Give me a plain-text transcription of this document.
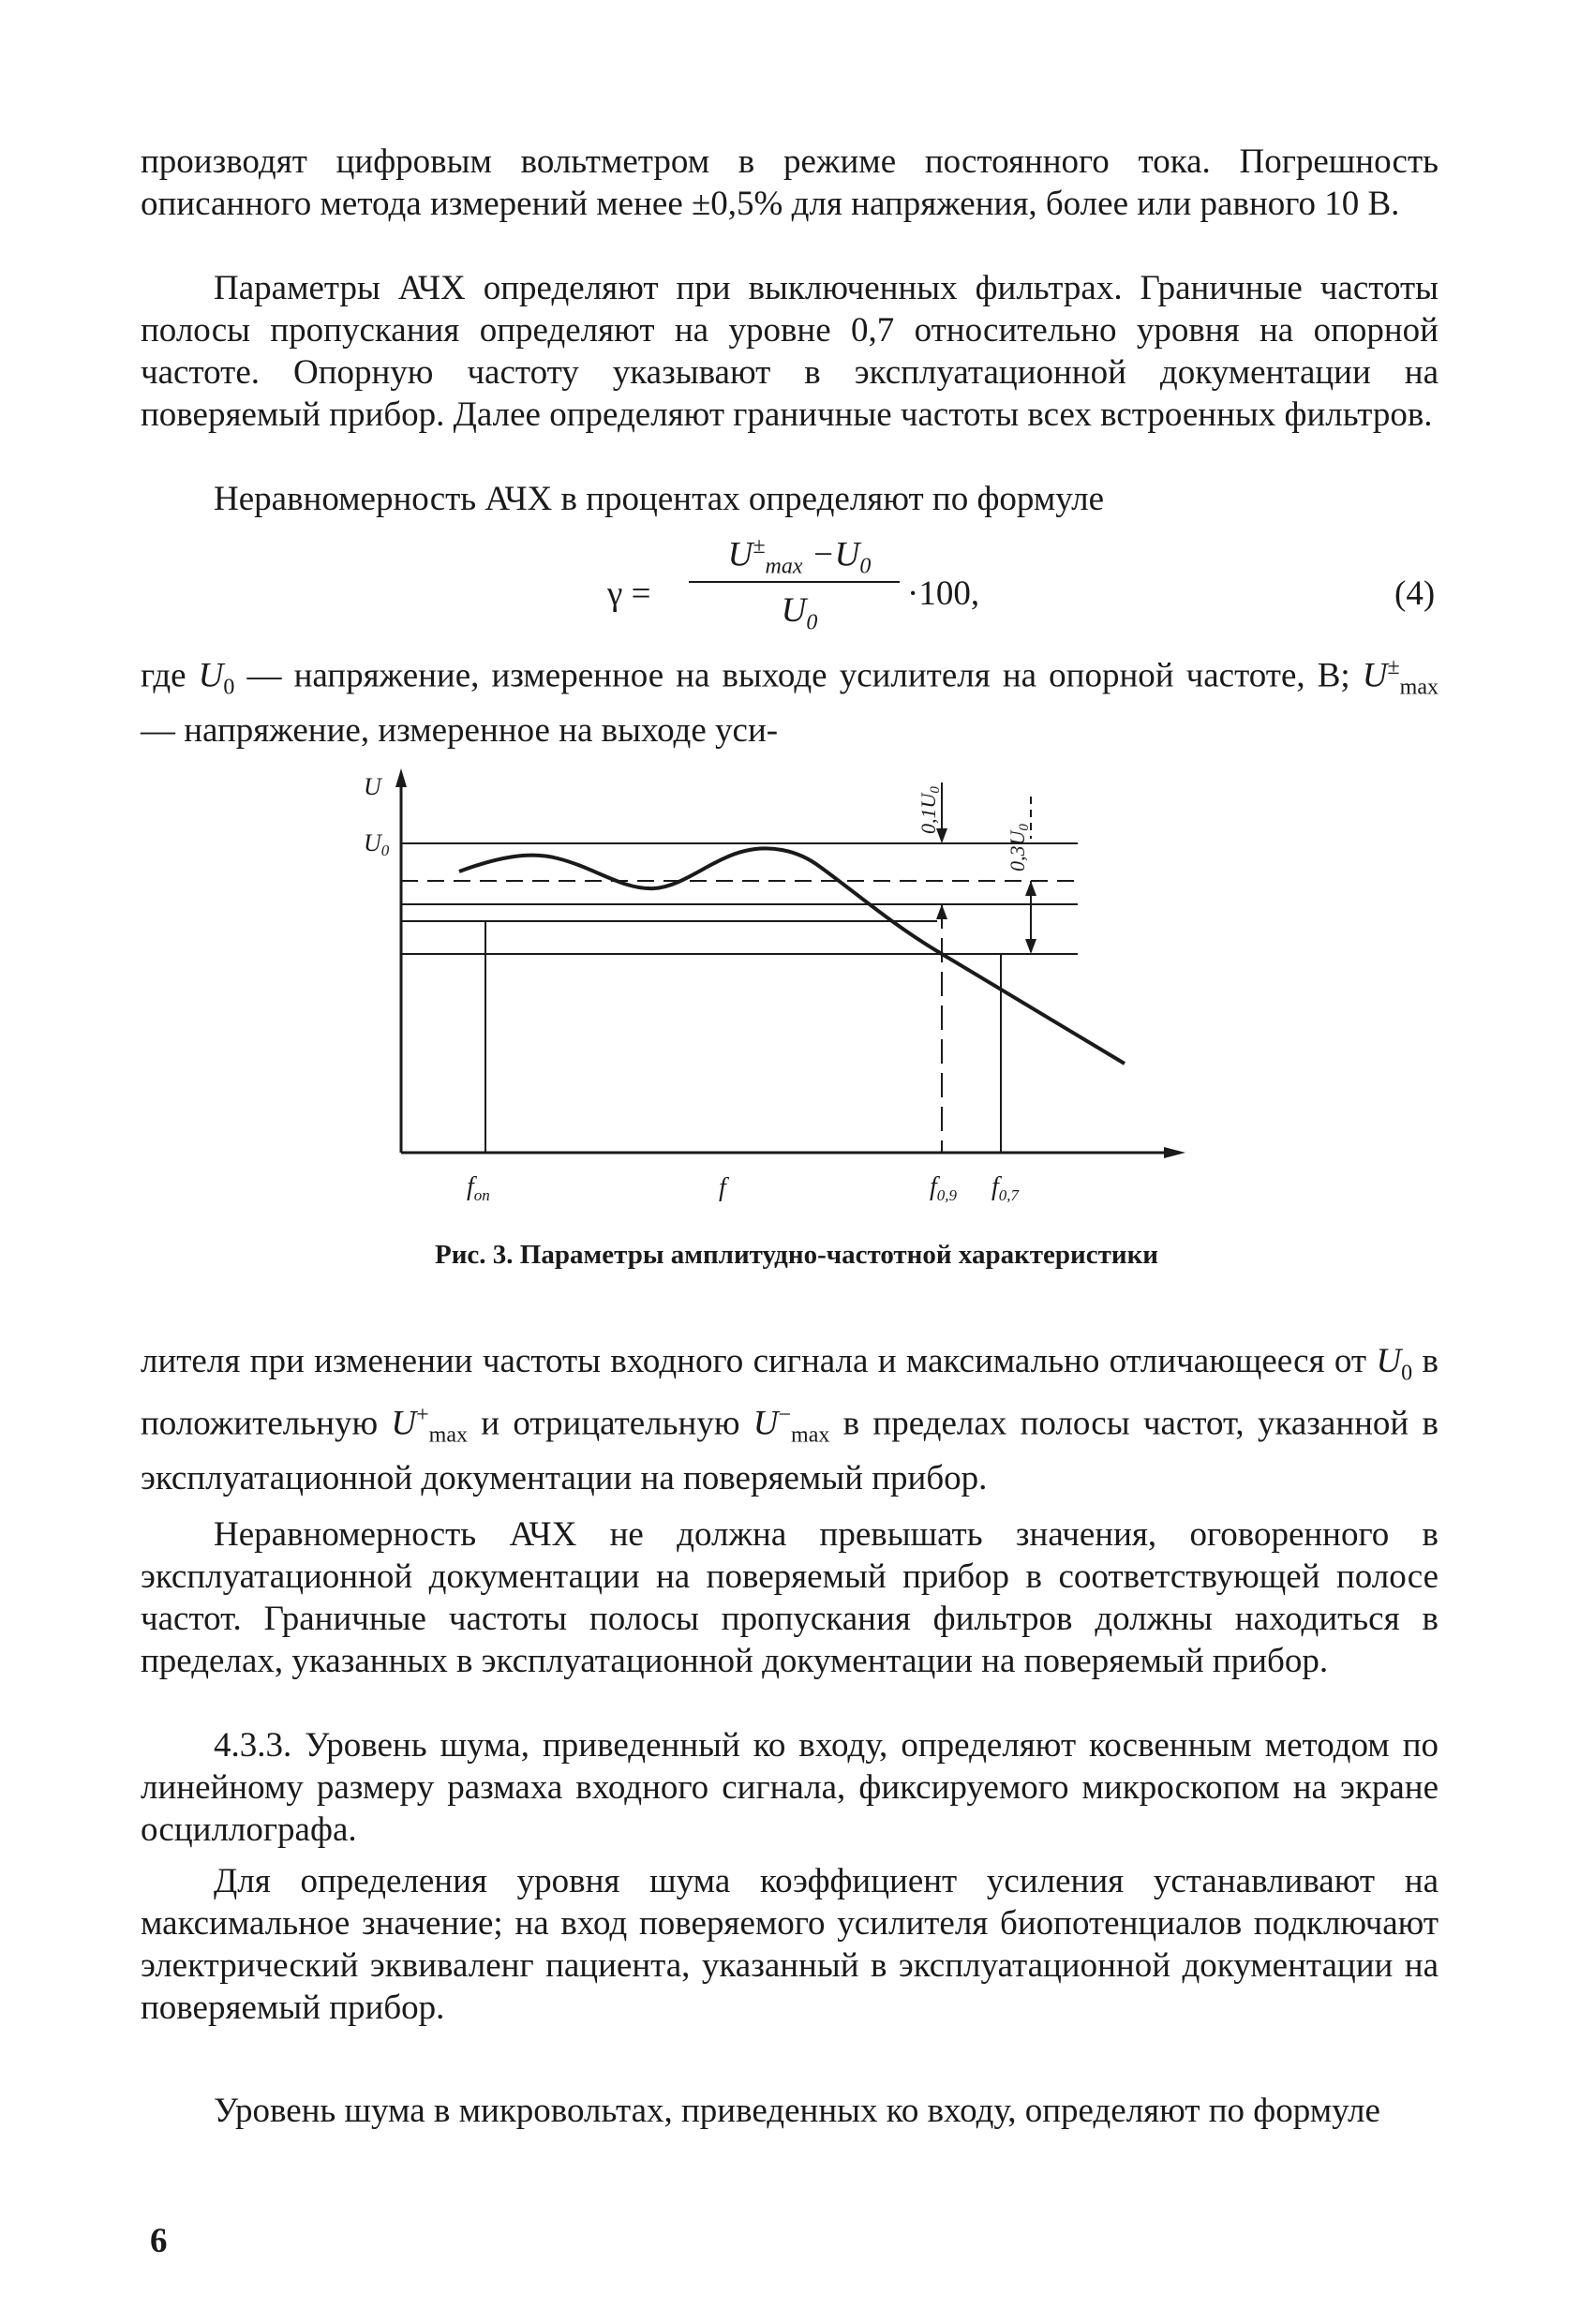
производят цифровым вольтметром в режиме постоянного тока. Погрешность описанного метода измерений менее ±0,5% для напряжения, более или равного 10 В.

Параметры АЧХ определяют при выключенных фильтрах. Граничные частоты полосы пропускания определяют на уровне 0,7 относительно уровня на опорной частоте. Опорную частоту указывают в эксплуатационной документации на поверяемый прибор. Далее определяют граничные частоты всех встроенных фильтров.

Неравномерность АЧХ в процентах определяют по формуле

γ =
$U^\pm_{max} -U_0$
$U_0$
·100,	(4)

где $U_0$ — напряжение, измеренное на выходе усилителя на опорной частоте, В; $U^\pm_{max}$ — напряжение, измеренное на выходе уси-

U
U0
f
$f_{оп}$	$f_{0,9}$ $f_{0,7}$
0,1U0
0,3U0
Рис. 3. Параметры амплитудно-частотной характеристики

лителя при изменении частоты входного сигнала и максимально отличающееся от $U_0$ в положительную $U^+_{max}$ и отрицательную $U^-_{max}$ в пределах полосы частот, указанной в эксплуатационной документации на поверяемый прибор.

Неравномерность АЧХ не должна превышать значения, оговоренного в эксплуатационной документации на поверяемый прибор в соответствующей полосе частот. Граничные частоты полосы пропускания фильтров должны находиться в пределах, указанных в эксплуатационной документации на поверяемый прибор.

4.3.3. Уровень шума, приведенный ко входу, определяют косвенным методом по линейному размеру размаха входного сигнала, фиксируемого микроскопом на экране осциллографа.

Для определения уровня шума коэффициент усиления устанавливают на максимальное значение; на вход поверяемого усилителя биопотенциалов подключают электрический эквиваленг пациента, указанный в эксплуатационной документации на поверяемый прибор.

Уровень шума в микровольтах, приведенных ко входу, определяют по формуле

6
